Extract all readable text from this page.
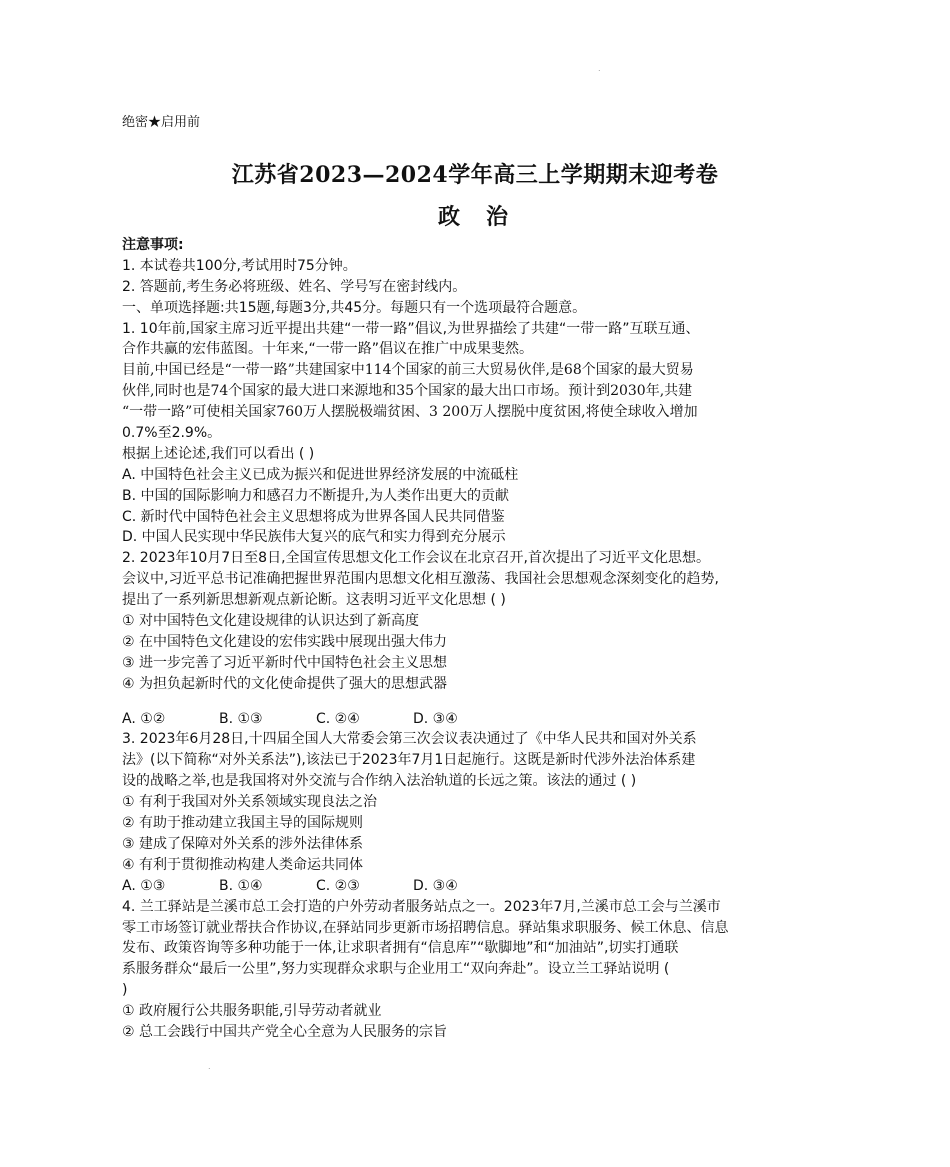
.
绝密★启用前
江苏省2023—2024学年高三上学期期末迎考卷
政治
注意事项:
1. 本试卷共100分,考试用时75分钟。
2. 答题前,考生务必将班级、姓名、学号写在密封线内。
一、单项选择题:共15题,每题3分,共45分。每题只有一个选项最符合题意。
1. 10年前,国家主席习近平提出共建“一带一路”倡议,为世界描绘了共建“一带一路”互联互通、
合作共赢的宏伟蓝图。十年来,“一带一路”倡议在推广中成果斐然。
目前,中国已经是“一带一路”共建国家中114个国家的前三大贸易伙伴,是68个国家的最大贸易
伙伴,同时也是74个国家的最大进口来源地和35个国家的最大出口市场。预计到2030年,共建
“一带一路”可使相关国家760万人摆脱极端贫困、3 200万人摆脱中度贫困,将使全球收入增加
0.7%至2.9%。
根据上述论述,我们可以看出 ( )
A. 中国特色社会主义已成为振兴和促进世界经济发展的中流砥柱
B. 中国的国际影响力和感召力不断提升,为人类作出更大的贡献
C. 新时代中国特色社会主义思想将成为世界各国人民共同借鉴
D. 中国人民实现中华民族伟大复兴的底气和实力得到充分展示
2. 2023年10月7日至8日,全国宣传思想文化工作会议在北京召开,首次提出了习近平文化思想。
会议中,习近平总书记准确把握世界范围内思想文化相互激荡、我国社会思想观念深刻变化的趋势,
提出了一系列新思想新观点新论断。这表明习近平文化思想 ( )
① 对中国特色文化建设规律的认识达到了新高度
② 在中国特色文化建设的宏伟实践中展现出强大伟力
③ 进一步完善了习近平新时代中国特色社会主义思想
④ 为担负起新时代的文化使命提供了强大的思想武器
A. ①②	B. ①③	C. ②④	D. ③④
3. 2023年6月28日,十四届全国人大常委会第三次会议表决通过了《中华人民共和国对外关系
法》(以下简称“对外关系法”),该法已于2023年7月1日起施行。这既是新时代涉外法治体系建
设的战略之举,也是我国将对外交流与合作纳入法治轨道的长远之策。该法的通过 ( )
① 有利于我国对外关系领域实现良法之治
② 有助于推动建立我国主导的国际规则
③ 建成了保障对外关系的涉外法律体系
④ 有利于贯彻推动构建人类命运共同体
A. ①③	B. ①④	C. ②③	D. ③④
4. 兰工驿站是兰溪市总工会打造的户外劳动者服务站点之一。2023年7月,兰溪市总工会与兰溪市
零工市场签订就业帮扶合作协议,在驿站同步更新市场招聘信息。驿站集求职服务、候工休息、信息
发布、政策咨询等多种功能于一体,让求职者拥有“信息库”“歇脚地”和“加油站”,切实打通联
系服务群众“最后一公里”,努力实现群众求职与企业用工“双向奔赴”。设立兰工驿站说明 (
)
① 政府履行公共服务职能,引导劳动者就业
② 总工会践行中国共产党全心全意为人民服务的宗旨
.
